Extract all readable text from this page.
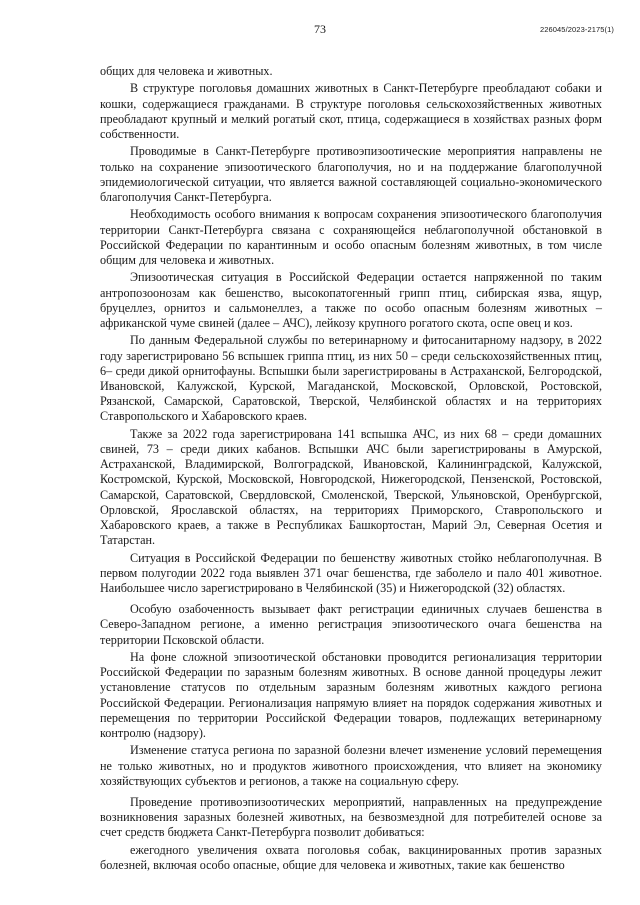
73	226045/2023-2175(1)

общих для человека и животных.

В структуре поголовья домашних животных в Санкт-Петербурге преобладают собаки и кошки, содержащиеся гражданами. В структуре поголовья сельскохозяйственных животных преобладают крупный и мелкий рогатый скот, птица, содержащиеся в хозяйствах разных форм собственности.

Проводимые в Санкт-Петербурге противоэпизоотические мероприятия направлены не только на сохранение эпизоотического благополучия, но и на поддержание благополучной эпидемиологической ситуации, что является важной составляющей социально-экономического благополучия Санкт-Петербурга.

Необходимость особого внимания к вопросам сохранения эпизоотического благополучия территории Санкт-Петербурга связана с сохраняющейся неблагополучной обстановкой в Российской Федерации по карантинным и особо опасным болезням животных, в том числе общим для человека и животных.

Эпизоотическая ситуация в Российской Федерации остается напряженной по таким антропозоонозам как бешенство, высокопатогенный грипп птиц, сибирская язва, ящур, бруцеллез, орнитоз и сальмонеллез, а также по особо опасным болезням животных – африканской чуме свиней (далее – АЧС), лейкозу крупного рогатого скота, оспе овец и коз.

По данным Федеральной службы по ветеринарному и фитосанитарному надзору, в 2022 году зарегистрировано 56 вспышек гриппа птиц, из них 50 – среди сельскохозяйственных птиц, 6– среди дикой орнитофауны. Вспышки были зарегистрированы в Астраханской, Белгородской, Ивановской, Калужской, Курской, Магаданской, Московской, Орловской, Ростовской, Рязанской, Самарской, Саратовской, Тверской, Челябинской областях и на территориях Ставропольского и Хабаровского краев.

Также за 2022 года зарегистрирована 141 вспышка АЧС, из них 68 – среди домашних свиней, 73 – среди диких кабанов. Вспышки АЧС были зарегистрированы в Амурской, Астраханской, Владимирской, Волгоградской, Ивановской, Калининградской, Калужской, Костромской, Курской, Московской, Новгородской, Нижегородской, Пензенской, Ростовской, Самарской, Саратовской, Свердловской, Смоленской, Тверской, Ульяновской, Оренбургской, Орловской, Ярославской областях, на территориях Приморского, Ставропольского и Хабаровского краев, а также в Республиках Башкортостан, Марий Эл, Северная Осетия и Татарстан.

Ситуация в Российской Федерации по бешенству животных стойко неблагополучная. В первом полугодии 2022 года выявлен 371 очаг бешенства, где заболело и пало 401 животное. Наибольшее число зарегистрировано в Челябинской (35) и Нижегородской (32) областях.

Особую озабоченность вызывает факт регистрации единичных случаев бешенства в Северо-Западном регионе, а именно регистрация эпизоотического очага бешенства на территории Псковской области.

На фоне сложной эпизоотической обстановки проводится регионализация территории Российской Федерации по заразным болезням животных. В основе данной процедуры лежит установление статусов по отдельным заразным болезням животных каждого региона Российской Федерации. Регионализация напрямую влияет на порядок содержания животных и перемещения по территории Российской Федерации товаров, подлежащих ветеринарному контролю (надзору).

Изменение статуса региона по заразной болезни влечет изменение условий перемещения не только животных, но и продуктов животного происхождения, что влияет на экономику хозяйствующих субъектов и регионов, а также на социальную сферу.

Проведение противоэпизоотических мероприятий, направленных на предупреждение возникновения заразных болезней животных, на безвозмездной для потребителей основе за счет средств бюджета Санкт-Петербурга позволит добиваться:

ежегодного увеличения охвата поголовья собак, вакцинированных против заразных болезней, включая особо опасные, общие для человека и животных, такие как бешенство
